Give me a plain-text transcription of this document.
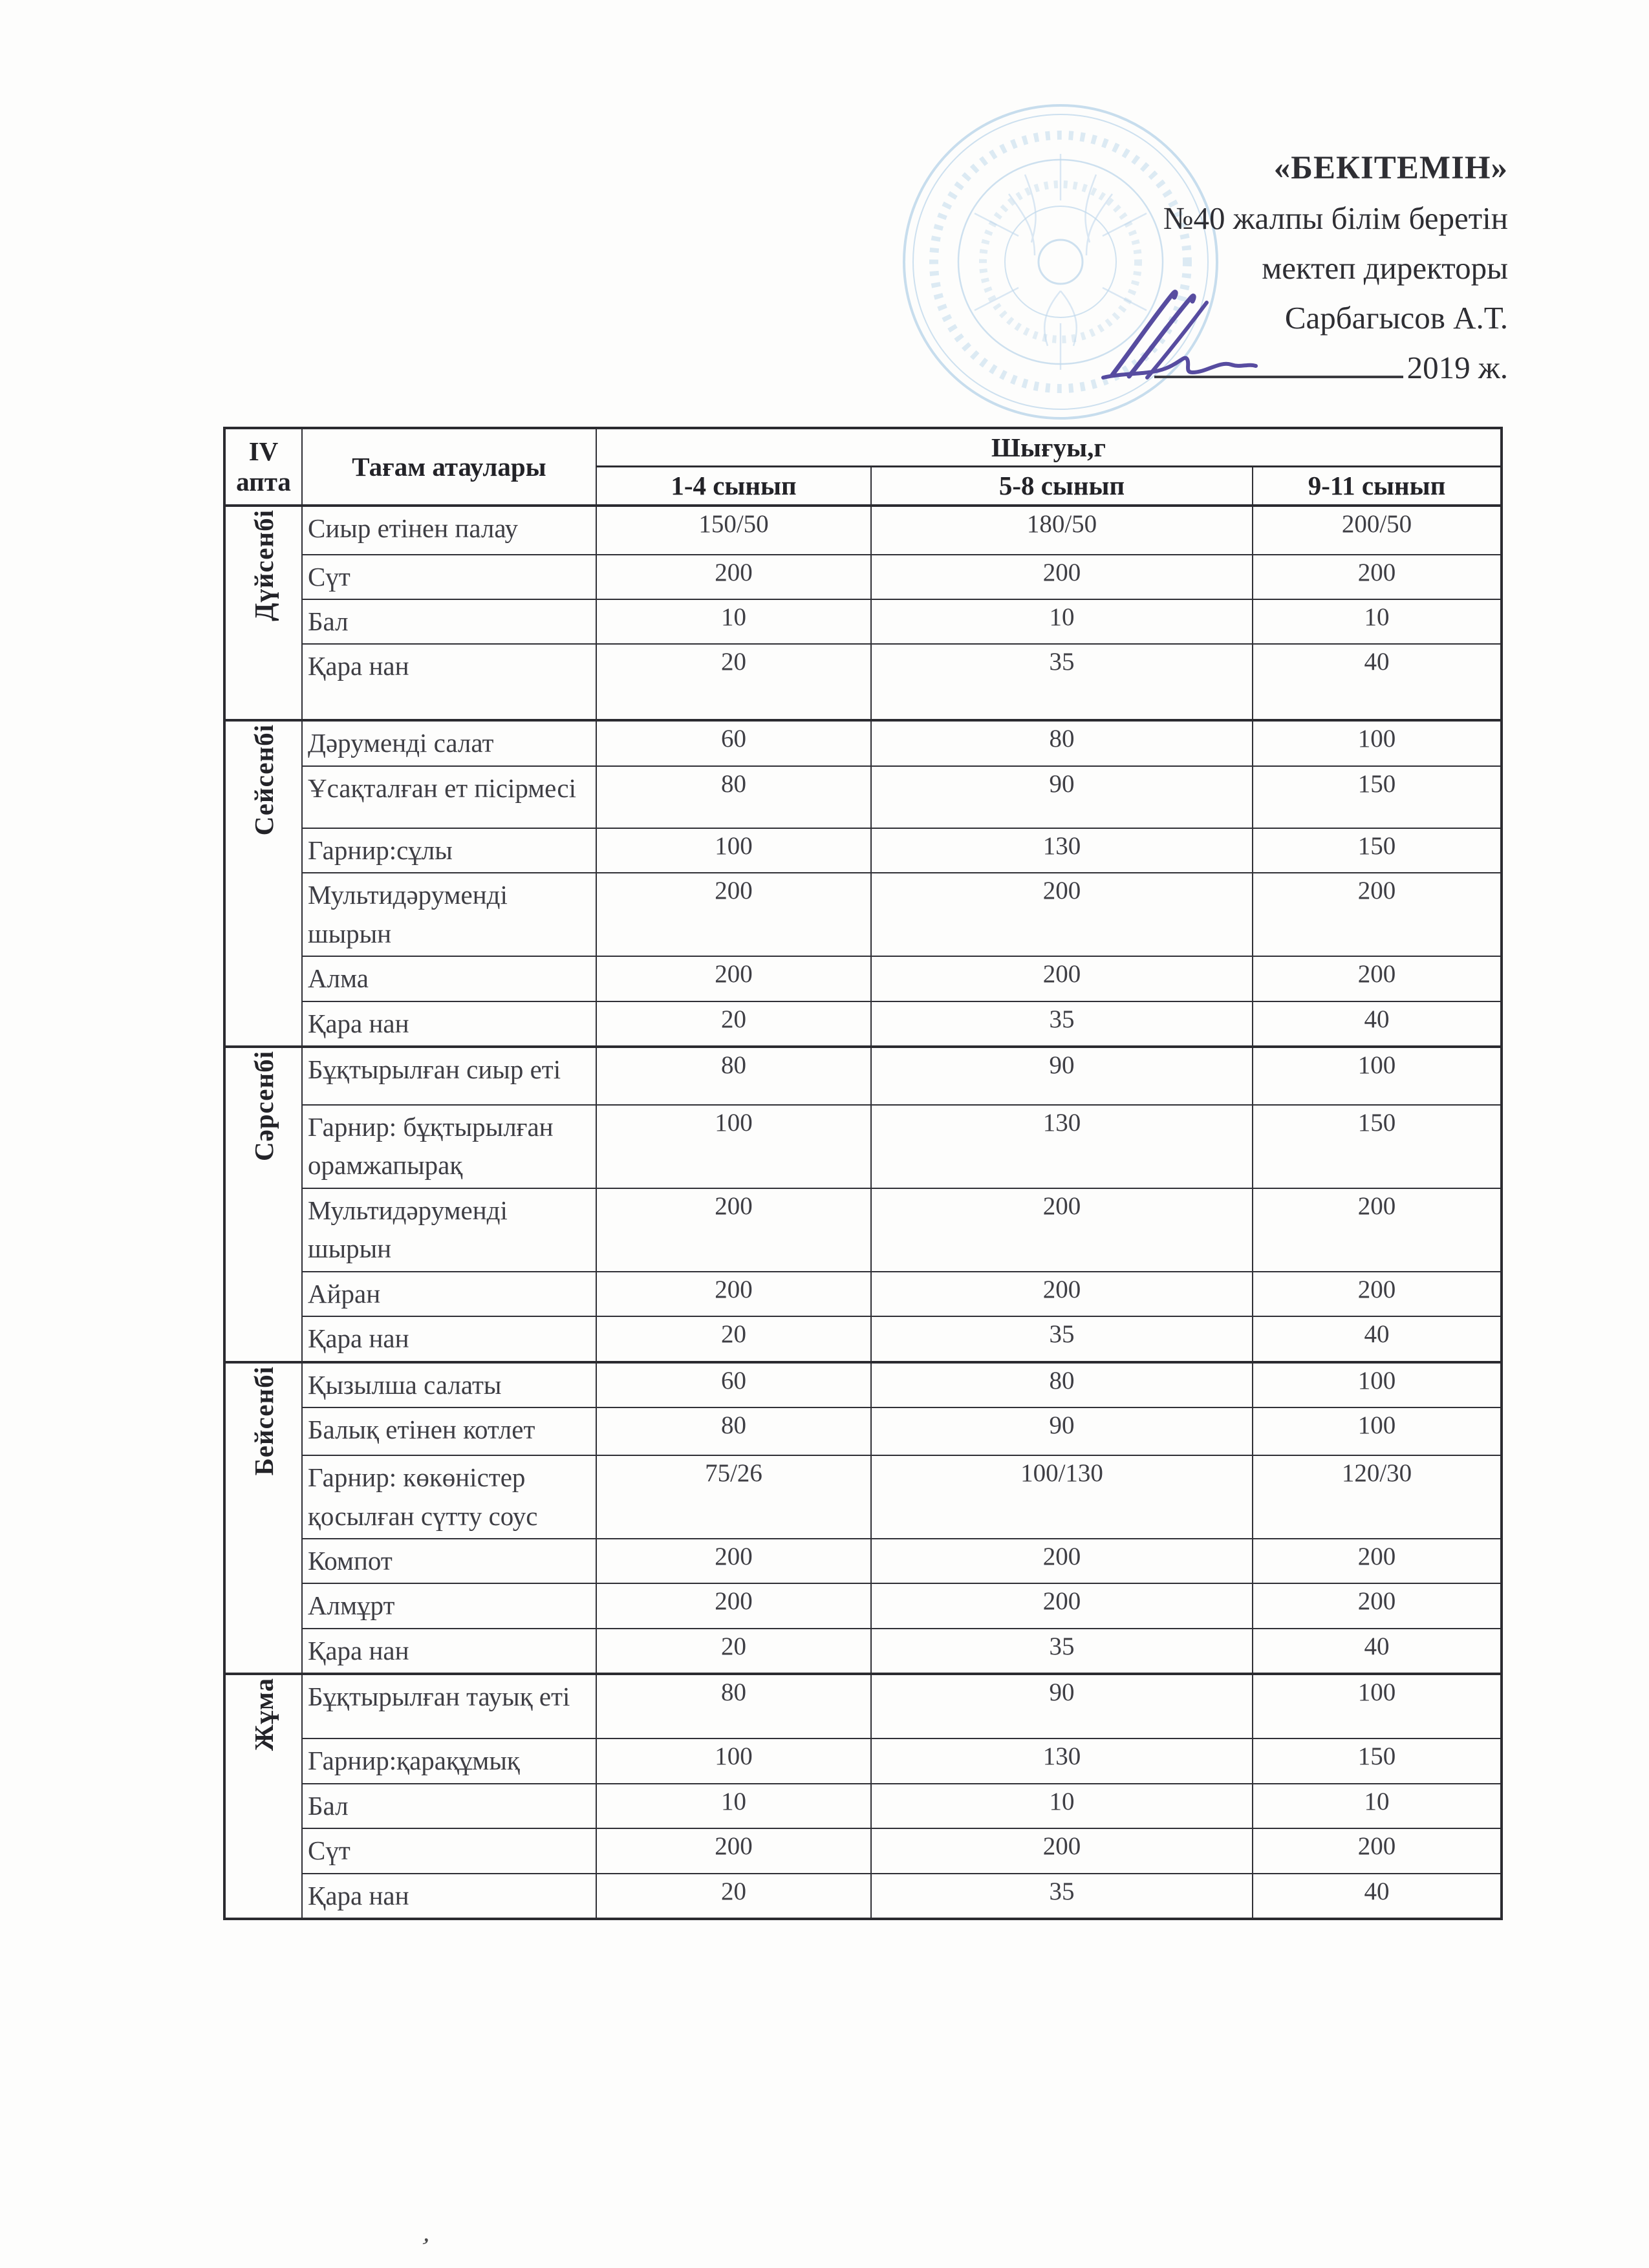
«БЕКІТЕМІН»
№40 жалпы білім беретін
мектеп директоры
Сарбагысов А.Т.
2019 ж.
IV апта	Тағам атаулары	Шығуы,г		
		1-4 сынып	5-8 сынып	9-11 сынып
Дүйсенбі	Сиыр етінен палау	150/50	180/50	200/50
	Сүт	200	200	200
	Бал	10	10	10
	Қара нан	20	35	40
Сейсенбі	Дәруменді салат	60	80	100
	Ұсақталған ет пісірмесі	80	90	150
	Гарнир:сұлы	100	130	150
	Мультидәруменді шырын	200	200	200
	Алма	200	200	200
	Қара нан	20	35	40
Сәрсенбі	Бұқтырылған сиыр еті	80	90	100
	Гарнир: бұқтырылған орамжапырақ	100	130	150
	Мультидәруменді шырын	200	200	200
	Айран	200	200	200
	Қара нан	20	35	40
Бейсенбі	Қызылша салаты	60	80	100
	Балық етінен котлет	80	90	100
	Гарнир: көкөністер қосылған сүтту соус	75/26	100/130	120/30
	Компот	200	200	200
	Алмұрт	200	200	200
	Қара нан	20	35	40
Жұма	Бұқтырылған тауық еті	80	90	100
	Гарнир:қарақұмық	100	130	150
	Бал	10	10	10
	Сүт	200	200	200
	Қара нан	20	35	40
,
